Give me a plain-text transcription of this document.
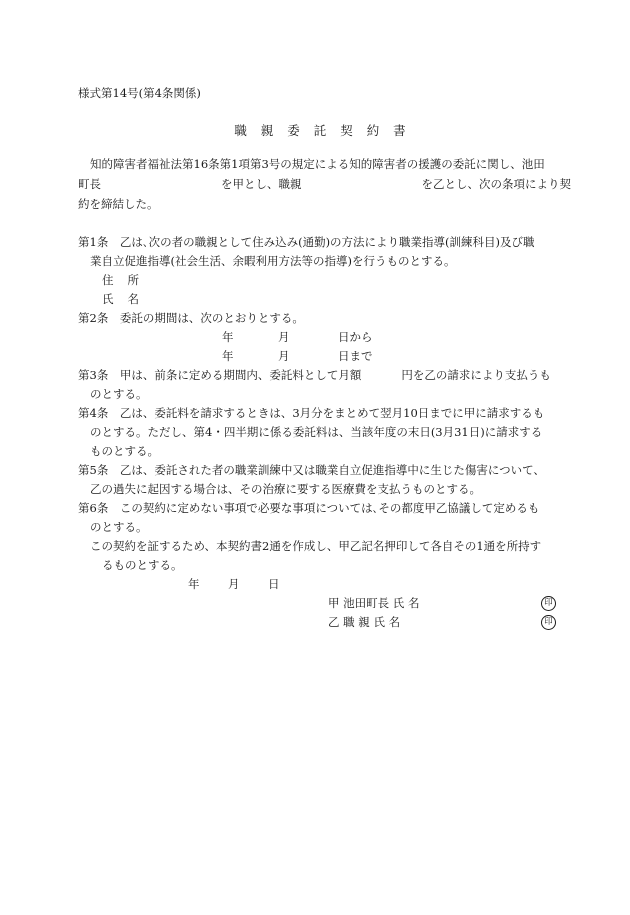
様式第14号(第4条関係)
職 親 委 託 契 約 書
知的障害者福祉法第16条第1項第3号の規定による知的障害者の援護の委託に関し、池田
町長	を甲とし、職親	を乙とし、次の条項により契
約を締結した。
第1条　 乙は､次の者の職親として住み込み(通勤)の方法により職業指導(訓練科目)及び職
業自立促進指導(社会生活、余暇利用方法等の指導)を行うものとする。
住 所
氏 名
第2条　 委託の期間は、次のとおりとする。
年	月	日から
年	月	日まで
第3条　 甲は、前条に定める期間内、委託料として月額	円を乙の請求により支払うも
のとする。
第4条　 乙は、委託料を請求するときは、3月分をまとめて翌月10日までに甲に請求するも
のとする。ただし、第4・四半期に係る委託料は、当該年度の末日(3月31日)に請求する
ものとする。
第5条　 乙は、委託された者の職業訓練中又は職業自立促進指導中に生じた傷害について、
乙の過失に起因する場合は、その治療に要する医療費を支払うものとする。
第6条　 この契約に定めない事項で必要な事項については､その都度甲乙協議して定めるも
のとする。
この契約を証するため、本契約書2通を作成し、甲乙記名押印して各自その1通を所持す
るものとする。
年 月 日
甲 池田町長 氏 名	印
乙 職 親 氏 名	印
